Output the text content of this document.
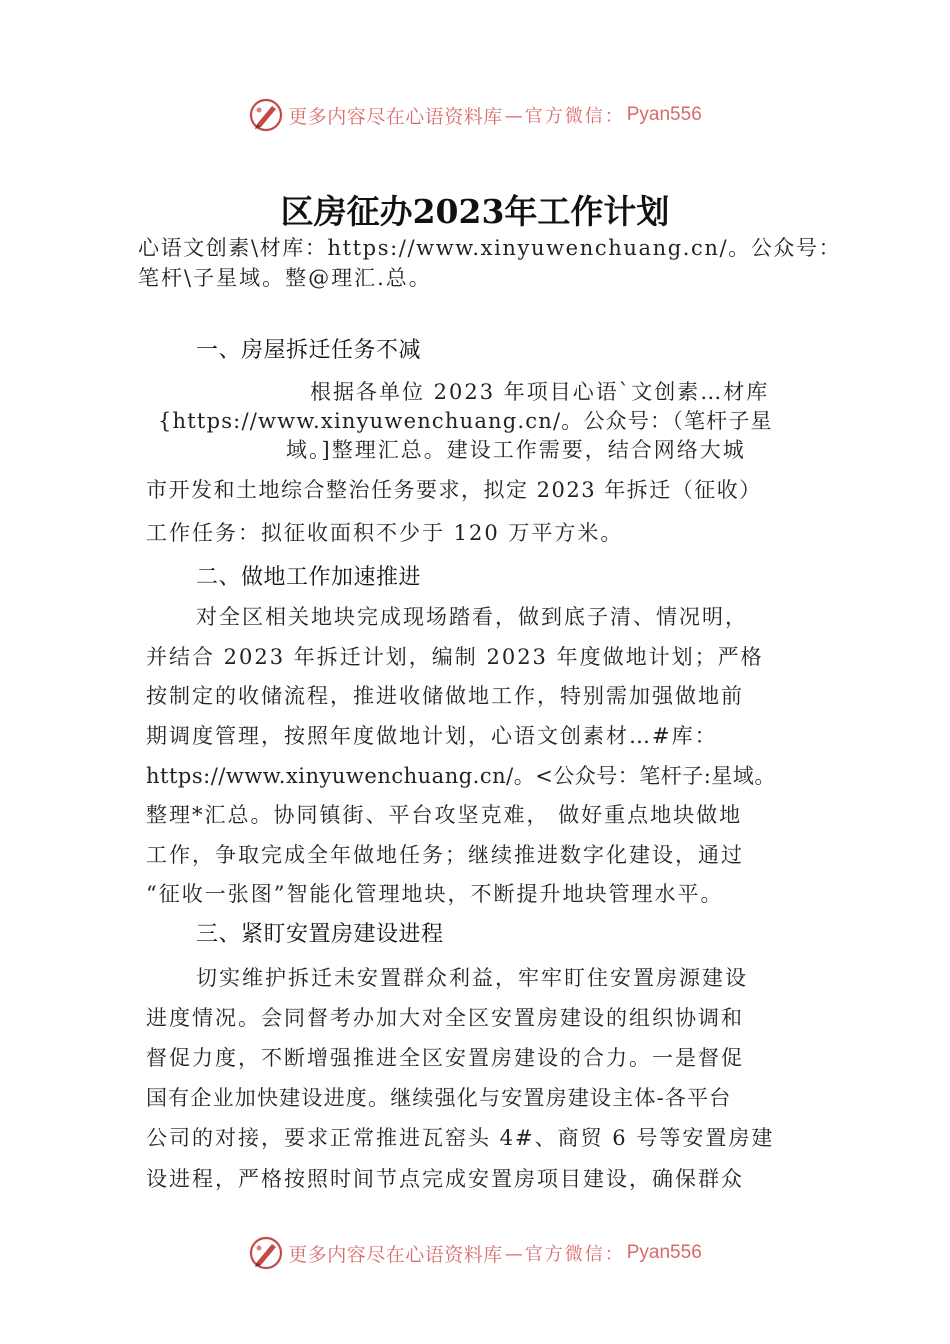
更多内容尽在心语资料库 —官方微信： Pyan556
区房征办2023年工作计划
心语文创素\材库：https://www.xinyuwenchuang.cn/。公众号：
笔杆\子星域。整@理汇.总。
一、房屋拆迁任务不减
根据各单位 2023 年项目心语`文创素…材库
{https://www.xinyuwenchuang.cn/。公众号：（笔杆子星
域。]整理汇总。建设工作需要，结合网络大城
市开发和土地综合整治任务要求，拟定 2023 年拆迁（征收）
工作任务：拟征收面积不少于 120 万平方米。
二、做地工作加速推进
对全区相关地块完成现场踏看，做到底子清、情况明，
并结合 2023 年拆迁计划，编制 2023 年度做地计划；严格
按制定的收储流程，推进收储做地工作，特别需加强做地前
期调度管理，按照年度做地计划，心语文创素材…#库：
https://www.xinyuwenchuang.cn/。<公众号：笔杆子:星域。
整理*汇总。协同镇街、平台攻坚克难， 做好重点地块做地
工作，争取完成全年做地任务；继续推进数字化建设，通过
“征收一张图”智能化管理地块，不断提升地块管理水平。
三、紧盯安置房建设进程
切实维护拆迁未安置群众利益，牢牢盯住安置房源建设
进度情况。会同督考办加大对全区安置房建设的组织协调和
督促力度，不断增强推进全区安置房建设的合力。一是督促
国有企业加快建设进度。继续强化与安置房建设主体-各平台
公司的对接，要求正常推进瓦窑头 4#、商贸 6 号等安置房建
设进程，严格按照时间节点完成安置房项目建设，确保群众
更多内容尽在心语资料库 —官方微信： Pyan556
